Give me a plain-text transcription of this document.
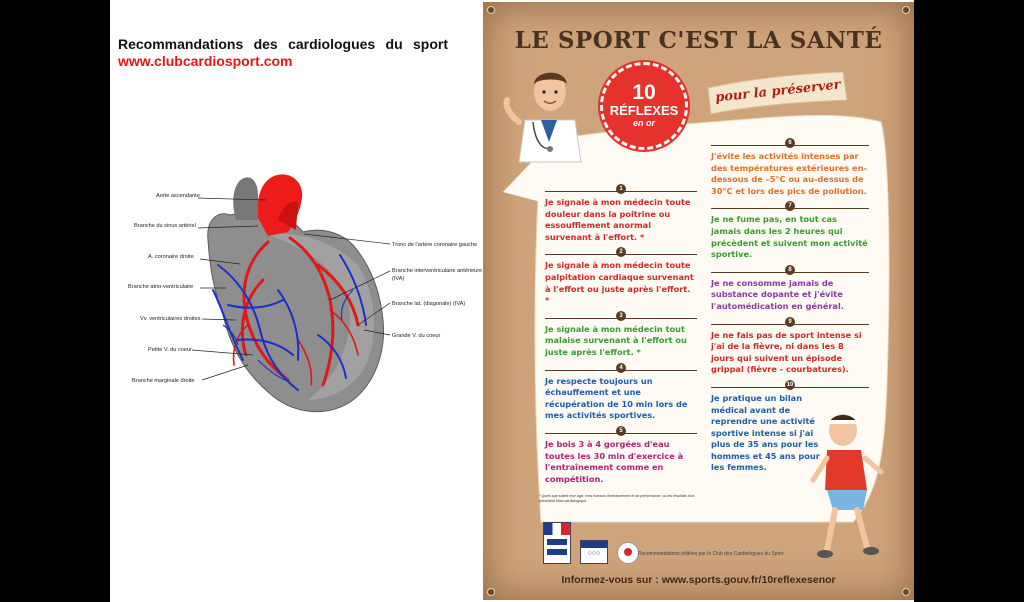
Recommandations des cardiologues du sport
www.clubcardiosport.com
Aorte ascendante
Branche du sinus artériel
A. coronaire droite
Branche atrio-ventriculaire
Vv. ventriculaires droites
Petite V. du coeur
Branche marginale droite
Tronc de l'artère coronaire gauche
Branche interventriculaire antérieure
(IVA)
Branche lat. (diagonale) (IVA)
Grande V. du coeur
LE SPORT C'EST LA SANTÉ
10
RÉFLEXES
en or
pour la préserver
1

Je signale à mon médecin toute douleur dans la poitrine ou essoufflement anormal survenant à l'effort. *

2

Je signale à mon médecin toute palpitation cardiaque survenant à l'effort ou juste après l'effort. *

3

Je signale à mon médecin tout malaise survenant à l'effort ou juste après l'effort. *

4

Je respecte toujours un échauffement et une récupération de 10 min lors de mes activités sportives.

5

Je bois 3 à 4 gorgées d'eau toutes les 30 min d'exercice à l'entraînement comme en compétition.

6

J'évite les activités intenses par des températures extérieures en-dessous de –5°C ou au-dessus de 30°C et lors des pics de pollution.

7

Je ne fume pas, en tout cas jamais dans les 2 heures qui précèdent et suivent mon activité sportive.

8

Je ne consomme jamais de substance dopante et j'évite l'automédication en général.

9

Je ne fais pas de sport intense si j'ai de la fièvre, ni dans les 8 jours qui suivent un épisode grippal (fièvre - courbatures).

10

Je pratique un bilan médical avant de reprendre une activité sportive intense si j'ai plus de 35 ans pour les hommes et 45 ans pour les femmes.

* Quels que soient mon âge, mes niveaux d'entraînement et de performance, ou les résultats d'un précédent bilan cardiologique.
○○○	Recommandations éditées par le Club des Cardiologues du Sport
Informez-vous sur : www.sports.gouv.fr/10reflexesenor
